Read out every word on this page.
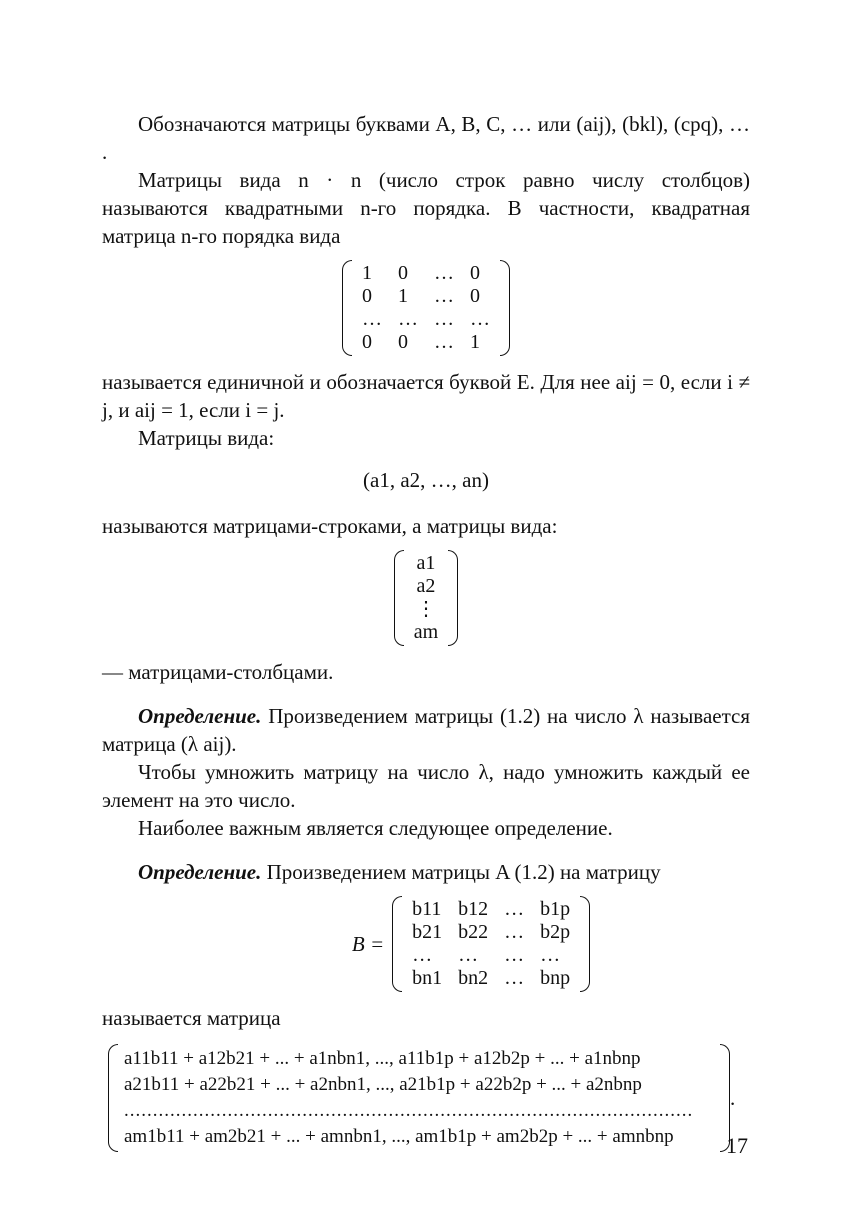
Обозначаются матрицы буквами A, B, C, … или (aij), (bkl), (cpq), … .

Матрицы вида n · n (число строк равно числу столбцов) называются квадратными n-го порядка. В частности, квадратная матрица n-го порядка вида

1	0	…	0
0	1	…	0
…	…	…	…
0	0	…	1

называется единичной и обозначается буквой E. Для нее aij = 0, если i ≠ j, и aij = 1, если i = j.

Матрицы вида:

(a1, a2, …, an)

называются матрицами-строками, а матрицы вида:

a1
a2
⋮
am

— матрицами-столбцами.

Определение. Произведением матрицы (1.2) на число λ называется матрица (λ aij).

Чтобы умножить матрицу на число λ, надо умножить каждый ее элемент на это число.

Наиболее важным является следующее определение.

Определение. Произведением матрицы A (1.2) на матрицу

B =
b11	b12	…	b1p
b21	b22	…	b2p
…	…	…	…
bn1	bn2	…	bnp

называется матрица

a11b11 + a12b21 + ... + a1nbn1, ..., a11b1p + a12b2p + ... + a1nbnp
a21b11 + a22b21 + ... + a2nbn1, ..., a21b1p + a22b2p + ... + a2nbnp
...................................................................................................
am1b11 + am2b21 + ... + amnbn1, ..., am1b1p + am2b2p + ... + amnbnp
.
17
